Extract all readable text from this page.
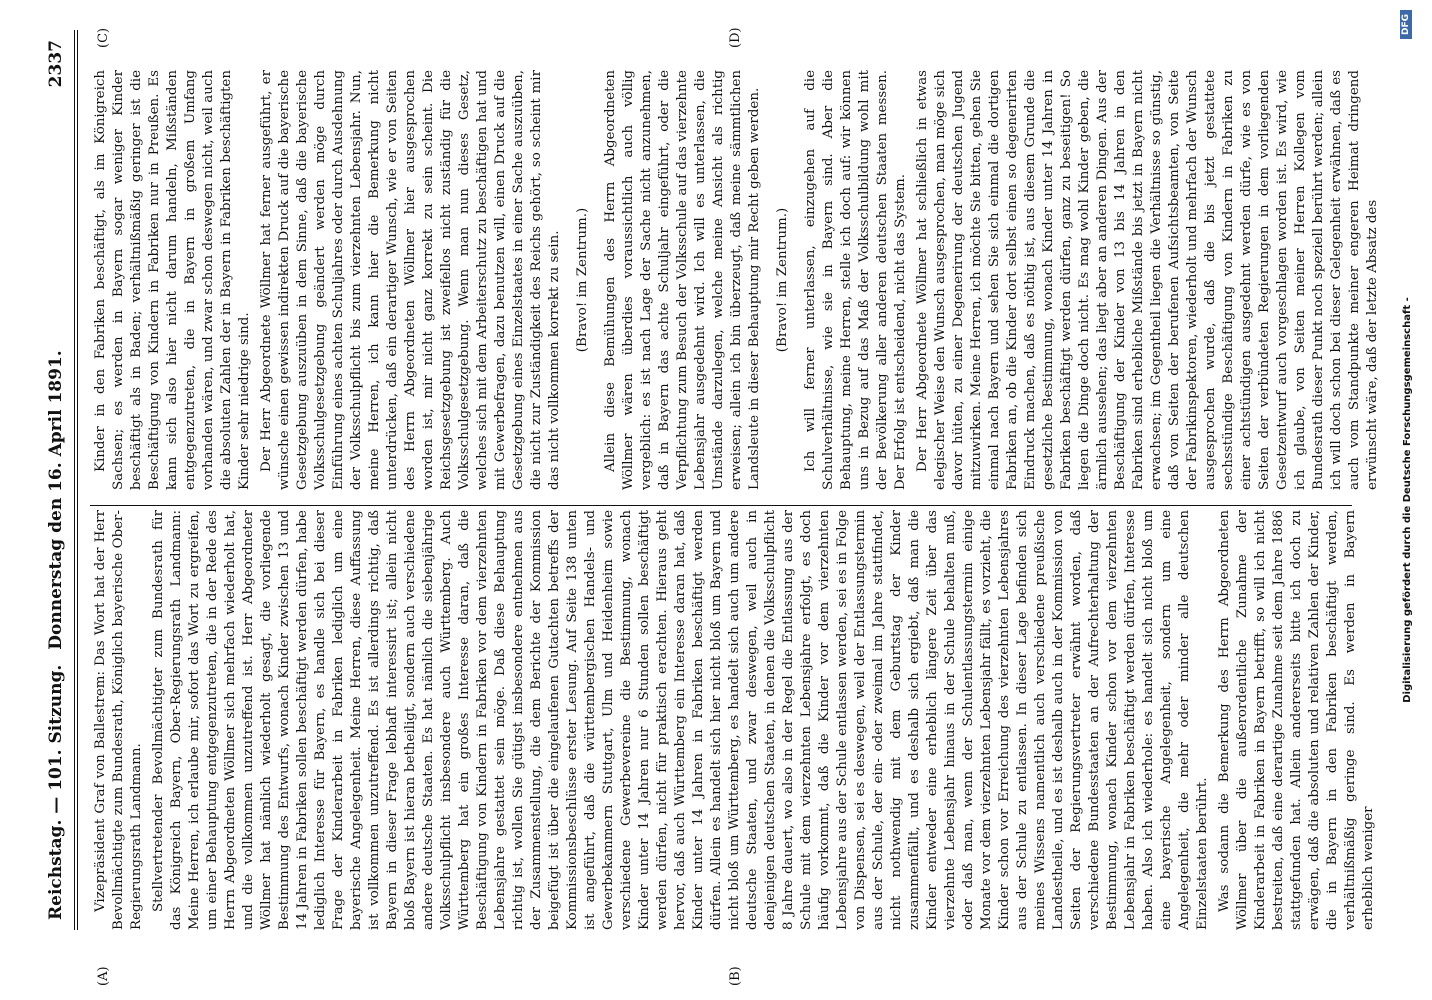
Reichstag. — 101. Sitzung.
Donnerstag den 16. April 1891.
2337
(A)	(B)
(C)	(D)

Vizepräsident Graf von Ballestrem: Das Wort hat der Herr Bevollmächtigte zum Bundesrath, Königlich bayerische Ober-Regierungsrath Landmann. Stellvertretender Bevollmächtigter zum Bundesrath für das Königreich Bayern, Ober-Regierungsrath Landmann: Meine Herren, ich erlaube mir, sofort das Wort zu ergreifen, um einer Behauptung entgegenzutreten, die in der Rede des Herrn Abgeordneten Wöllmer sich mehrfach wiederholt hat, und die vollkommen unzutreffend ist. Herr Abgeordneter Wöllmer hat nämlich wiederholt gesagt, die vorliegende Bestimmung des Entwurfs, wonach Kinder zwischen 13 und 14 Jahren in Fabriken sollen beschäftigt werden dürfen, habe lediglich Interesse für Bayern, es handle sich bei dieser Frage der Kinderarbeit in Fabriken lediglich um eine bayerische Angelegenheit. Meine Herren, diese Auffassung ist vollkommen unzutreffend. Es ist allerdings richtig, daß Bayern in dieser Frage lebhaft interessirt ist; allein nicht bloß Bayern ist hieran betheiligt, sondern auch verschiedene andere deutsche Staaten. Es hat nämlich die siebenjährige Volksschulpflicht insbesondere auch Württemberg. Auch Württemberg hat ein großes Interesse daran, daß die Beschäftigung von Kindern in Fabriken vor dem vierzehnten Lebensjahre gestattet sein möge. Daß diese Behauptung richtig ist, wollen Sie gütigst insbesondere entnehmen aus der Zusammenstellung, die dem Berichte der Kommission beigefügt ist über die eingelaufenen Gutachten betreffs der Kommissionsbeschlüsse erster Lesung. Auf Seite 138 unten ist angeführt, daß die württembergischen Handels- und Gewerbekammern Stuttgart, Ulm und Heidenheim sowie verschiedene Gewerbevereine die Bestimmung, wonach Kinder unter 14 Jahren nur 6 Stunden sollen beschäftigt werden dürfen, nicht für praktisch erachten. Hieraus geht hervor, daß auch Württemberg ein Interesse daran hat, daß Kinder unter 14 Jahren in Fabriken beschäftigt werden dürfen. Allein es handelt sich hier nicht bloß um Bayern und nicht bloß um Württemberg, es handelt sich auch um andere deutsche Staaten, und zwar deswegen, weil auch in denjenigen deutschen Staaten, in denen die Volksschulpflicht 8 Jahre dauert, wo also in der Regel die Entlassung aus der Schule mit dem vierzehnten Lebensjahre erfolgt, es doch häufig vorkommt, daß die Kinder vor dem vierzehnten Lebensjahre aus der Schule entlassen werden, sei es in Folge von Dispensen, sei es deswegen, weil der Entlassungstermin aus der Schule, der ein- oder zweimal im Jahre stattfindet, nicht nothwendig mit dem Geburtstag der Kinder zusammenfällt, und es deshalb sich ergiebt, daß man die Kinder entweder eine erheblich längere Zeit über das vierzehnte Lebensjahr hinaus in der Schule behalten muß, oder daß man, wenn der Schulentlassungstermin einige Monate vor dem vierzehnten Lebensjahr fällt, es vorzieht, die Kinder schon vor Erreichung des vierzehnten Lebensjahres aus der Schule zu entlassen. In dieser Lage befinden sich meines Wissens namentlich auch verschiedene preußische Landestheile, und es ist deshalb auch in der Kommission von Seiten der Regierungsvertreter erwähnt worden, daß verschiedene Bundesstaaten an der Aufrechterhaltung der Bestimmung, wonach Kinder schon vor dem vierzehnten Lebensjahr in Fabriken beschäftigt werden dürfen, Interesse haben. Also ich wiederhole: es handelt sich nicht bloß um eine bayerische Angelegenheit, sondern um eine Angelegenheit, die mehr oder minder alle deutschen Einzelstaaten berührt. Was sodann die Bemerkung des Herrn Abgeordneten Wöllmer über die außerordentliche Zunahme der Kinderarbeit in Fabriken in Bayern betrifft, so will ich nicht bestreiten, daß eine derartige Zunahme seit dem Jahre 1886 stattgefunden hat. Allein andererseits bitte ich doch zu erwägen, daß die absoluten und relativen Zahlen der Kinder, die in Bayern in den Fabriken beschäftigt werden, verhältnißmäßig geringe sind. Es werden in Bayern erheblich weniger

Kinder in den Fabriken beschäftigt, als im Königreich Sachsen; es werden in Bayern sogar weniger Kinder beschäftigt als in Baden; verhältnißmäßig geringer ist die Beschäftigung von Kindern in Fabriken nur in Preußen. Es kann sich also hier nicht darum handeln, Mißständen entgegenzutreten, die in Bayern in großem Umfang vorhanden wären, und zwar schon deswegen nicht, weil auch die absoluten Zahlen der in Bayern in Fabriken beschäftigten Kinder sehr niedrige sind. Der Herr Abgeordnete Wöllmer hat ferner ausgeführt, er wünsche einen gewissen indirekten Druck auf die bayerische Gesetzgebung auszuüben in dem Sinne, daß die bayerische Volksschulgesetzgebung geändert werden möge durch Einführung eines achten Schuljahres oder durch Ausdehnung der Volksschulpflicht bis zum vierzehnten Lebensjahr. Nun, meine Herren, ich kann hier die Bemerkung nicht unterdrücken, daß ein derartiger Wunsch, wie er von Seiten des Herrn Abgeordneten Wöllmer hier ausgesprochen worden ist, mir nicht ganz korrekt zu sein scheint. Die Reichsgesetzgebung ist zweifellos nicht zuständig für die Volksschulgesetzgebung. Wenn man nun dieses Gesetz, welches sich mit dem Arbeiterschutz zu beschäftigen hat und mit Gewerbefragen, dazu benutzen will, einen Druck auf die Gesetzgebung eines Einzelstaates in einer Sache auszuüben, die nicht zur Zuständigkeit des Reichs gehört, so scheint mir das nicht vollkommen korrekt zu sein. (Bravo! im Zentrum.) Allein diese Bemühungen des Herrn Abgeordneten Wöllmer wären überdies voraussichtlich auch völlig vergeblich: es ist nach Lage der Sache nicht anzunehmen, daß in Bayern das achte Schuljahr eingeführt, oder die Verpflichtung zum Besuch der Volksschule auf das vierzehnte Lebensjahr ausgedehnt wird. Ich will es unterlassen, die Umstände darzulegen, welche meine Ansicht als richtig erweisen; allein ich bin überzeugt, daß meine sämmtlichen Landsleute in dieser Behauptung mir Recht geben werden. (Bravo! im Zentrum.) Ich will ferner unterlassen, einzugehen auf die Schulverhältnisse, wie sie in Bayern sind. Aber die Behauptung, meine Herren, stelle ich doch auf: wir können uns in Bezug auf das Maß der Volksschulbildung wohl mit der Bevölkerung aller anderen deutschen Staaten messen. Der Erfolg ist entscheidend, nicht das System. Der Herr Abgeordnete Wöllmer hat schließlich in etwas elegischer Weise den Wunsch ausgesprochen, man möge sich davor hüten, zu einer Degenerirung der deutschen Jugend mitzuwirken. Meine Herren, ich möchte Sie bitten, gehen Sie einmal nach Bayern und sehen Sie sich einmal die dortigen Fabriken an, ob die Kinder dort selbst einen so degenerirten Eindruck machen, daß es nöthig ist, aus diesem Grunde die gesetzliche Bestimmung, wonach Kinder unter 14 Jahren in Fabriken beschäftigt werden dürfen, ganz zu beseitigen! So liegen die Dinge doch nicht. Es mag wohl Kinder geben, die ärmlich aussehen; das liegt aber an anderen Dingen. Aus der Beschäftigung der Kinder von 13 bis 14 Jahren in den Fabriken sind erhebliche Mißstände bis jetzt in Bayern nicht erwachsen; im Gegentheil liegen die Verhältnisse so günstig, daß von Seiten der berufenen Aufsichtsbeamten, von Seite der Fabrikinspektoren, wiederholt und mehrfach der Wunsch ausgesprochen wurde, daß die bis jetzt gestattete sechsstündige Beschäftigung von Kindern in Fabriken zu einer achtstündigen ausgedehnt werden dürfe, wie es von Seiten der verbündeten Regierungen in dem vorliegenden Gesetzentwurf auch vorgeschlagen worden ist. Es wird, wie ich glaube, von Seiten meiner Herren Kollegen vom Bundesrath dieser Punkt noch speziell berührt werden; allein ich will doch schon bei dieser Gelegenheit erwähnen, daß es auch vom Standpunkte meiner engeren Heimat dringend erwünscht wäre, daß der letzte Absatz des Digitalisierung gefördert durch die Deutsche Forschungsgemeinschaft -
DFG
